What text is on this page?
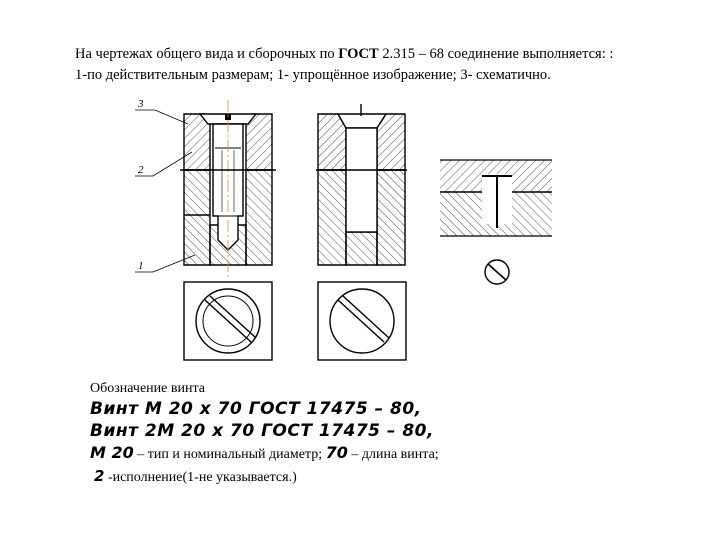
На чертежах общего вида и сборочных по ГОСТ 2.315 – 68 соединение выполняется: :
1-по действительным размерам; 1- упрощённое изображение; 3- схематично.
3
2
1
Обозначение винта
Винт М 20 х 70 ГОСТ 17475 – 80,
Винт 2М 20 х 70 ГОСТ 17475 – 80,
М 20 – тип и номинальный диаметр; 70 – длина винта;
2 -исполнение(1-не указывается.)
